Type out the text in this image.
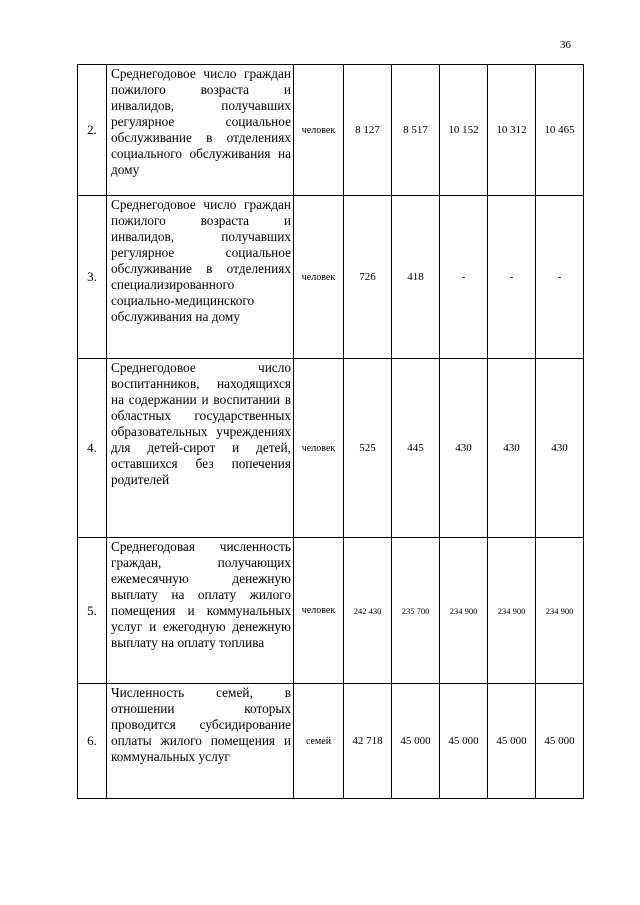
36
2.	Среднегодовое число граждан пожилого возраста и инвалидов, получавших регулярное социальное обслуживание в отделениях социального обслуживания на дому	человек	8 127	8 517	10 152	10 312	10 465
3.	Среднегодовое число граждан пожилого возраста и инвалидов, получавших регулярное социальное обслуживание в отделениях специализированного социально-медицинского обслуживания на дому	человек	726	418	-	-	-
4.	Среднегодовое число воспитанников, находящихся на содержании и воспитании в областных государственных образовательных учреждениях для детей-сирот и детей, оставшихся без попечения родителей	человек	525	445	430	430	430
5.	Среднегодовая численность граждан, получающих ежемесячную денежную выплату на оплату жилого помещения и коммунальных услуг и ежегодную денежную выплату на оплату топлива	человек	242 430	235 700	234 900	234 900	234 900
6.	Численность семей, в отношении которых проводится субсидирование оплаты жилого помещения и коммунальных услуг	семей	42 718	45 000	45 000	45 000	45 000
